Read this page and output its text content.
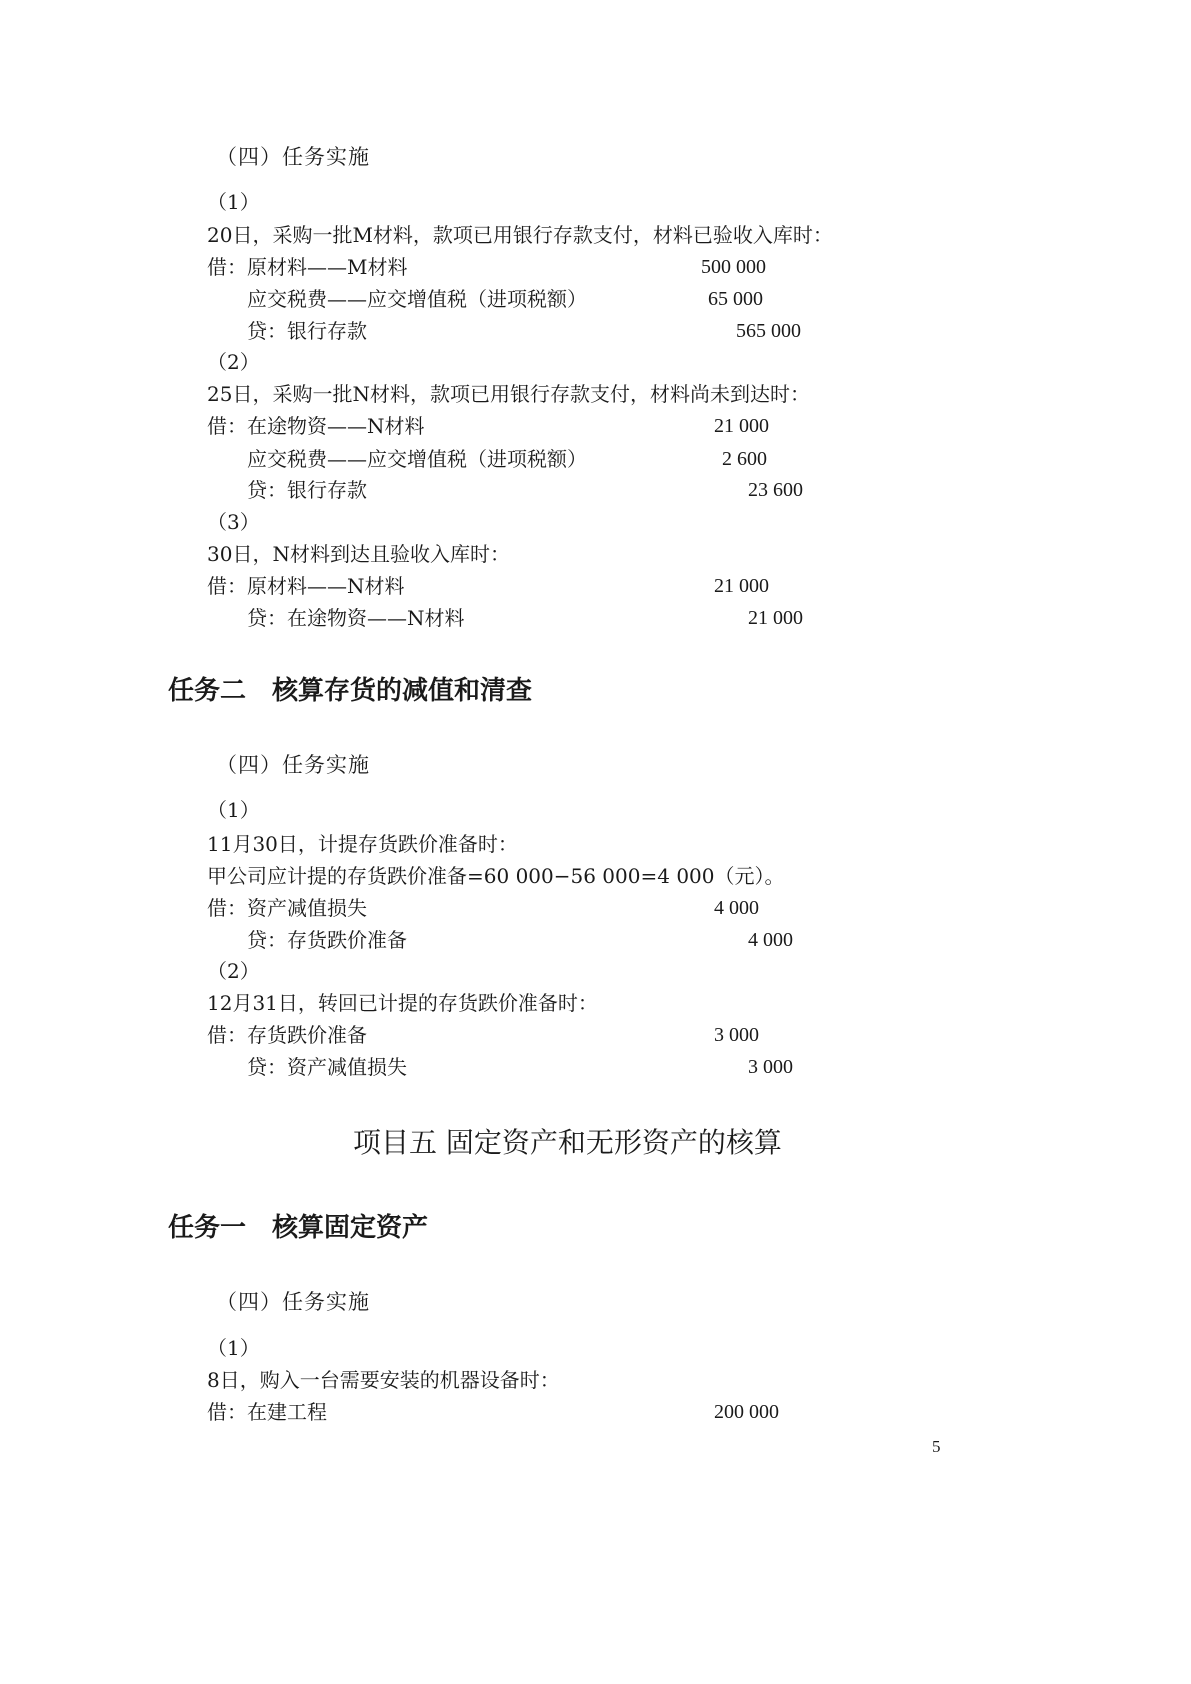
（四）任务实施
（1）
20日，采购一批M材料，款项已用银行存款支付，材料已验收入库时：
借：原材料——M材料	500 000
应交税费——应交增值税（进项税额）	65 000
贷：银行存款	565 000
（2）
25日，采购一批N材料，款项已用银行存款支付，材料尚未到达时：
借：在途物资——N材料	21 000
应交税费——应交增值税（进项税额）	2 600
贷：银行存款	23 600
（3）
30日，N材料到达且验收入库时：
借：原材料——N材料	21 000
贷：在途物资——N材料	21 000
任务二　核算存货的减值和清查
（四）任务实施
（1）
11月30日，计提存货跌价准备时：
甲公司应计提的存货跌价准备=60 000−56 000=4 000（元）。
借：资产减值损失	4 000
贷：存货跌价准备	4 000
（2）
12月31日，转回已计提的存货跌价准备时：
借：存货跌价准备	3 000
贷：资产减值损失	3 000
项目五 固定资产和无形资产的核算
任务一　核算固定资产
（四）任务实施
（1）
8日，购入一台需要安装的机器设备时：
借：在建工程	200 000
5
